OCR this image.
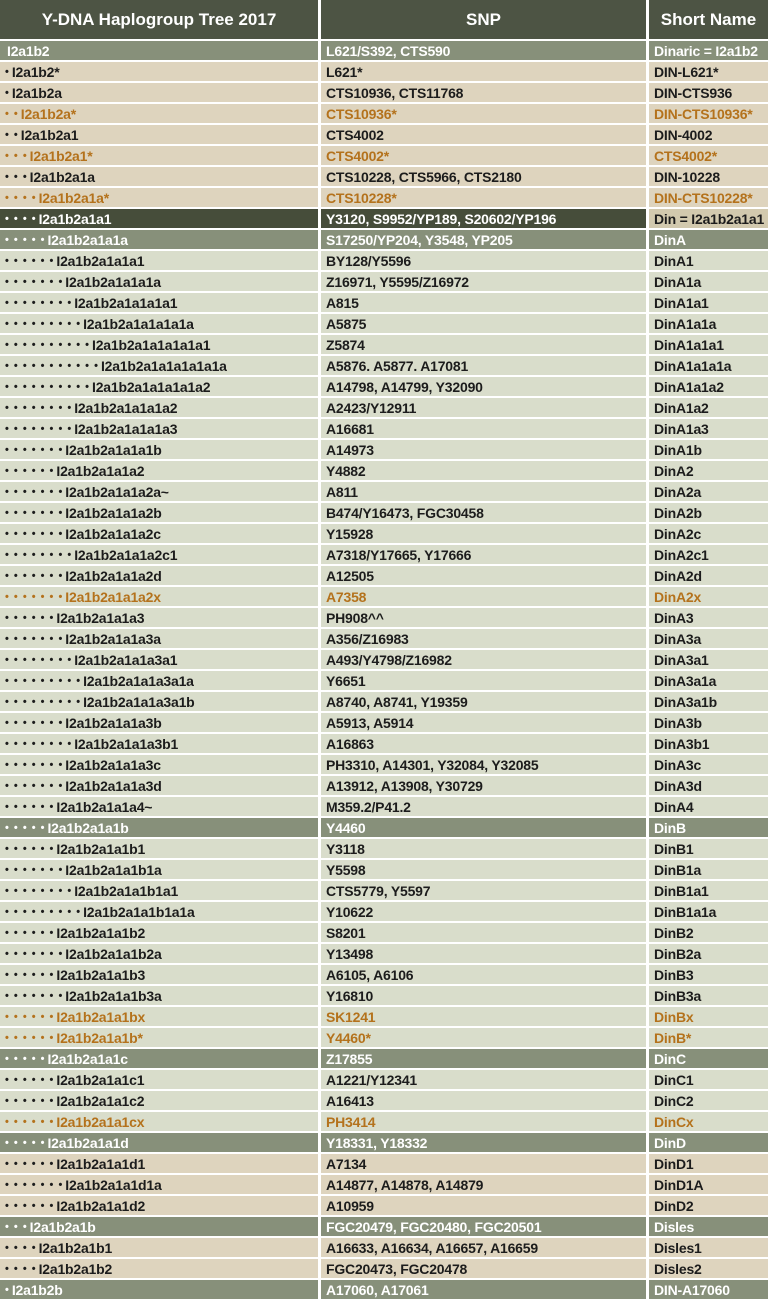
Y-DNA Haplogroup Tree 2017	SNP	Short Name
I2a1b2	L621/S392, CTS590	Dinaric = I2a1b2
• I2a1b2*	L621*	DIN-L621*
• I2a1b2a	CTS10936, CTS11768	DIN-CTS936
• • I2a1b2a*	CTS10936*	DIN-CTS10936*
• • I2a1b2a1	CTS4002	DIN-4002
• • • I2a1b2a1*	CTS4002*	CTS4002*
• • • I2a1b2a1a	CTS10228, CTS5966, CTS2180	DIN-10228
• • • • I2a1b2a1a*	CTS10228*	DIN-CTS10228*
• • • • I2a1b2a1a1	Y3120, S9952/YP189, S20602/YP196	Din = I2a1b2a1a1
• • • • • I2a1b2a1a1a	S17250/YP204, Y3548, YP205	DinA
• • • • • • I2a1b2a1a1a1	BY128/Y5596	DinA1
• • • • • • • I2a1b2a1a1a1a	Z16971, Y5595/Z16972	DinA1a
• • • • • • • • I2a1b2a1a1a1a1	A815	DinA1a1
• • • • • • • • • I2a1b2a1a1a1a1a	A5875	DinA1a1a
• • • • • • • • • • I2a1b2a1a1a1a1a1	Z5874	DinA1a1a1
• • • • • • • • • • • I2a1b2a1a1a1a1a1a	A5876. A5877. A17081	DinA1a1a1a
• • • • • • • • • • I2a1b2a1a1a1a1a2	A14798, A14799, Y32090	DinA1a1a2
• • • • • • • • I2a1b2a1a1a1a2	A2423/Y12911	DinA1a2
• • • • • • • • I2a1b2a1a1a1a3	A16681	DinA1a3
• • • • • • • I2a1b2a1a1a1b	A14973	DinA1b
• • • • • • I2a1b2a1a1a2	Y4882	DinA2
• • • • • • • I2a1b2a1a1a2a~	A811	DinA2a
• • • • • • • I2a1b2a1a1a2b	B474/Y16473, FGC30458	DinA2b
• • • • • • • I2a1b2a1a1a2c	Y15928	DinA2c
• • • • • • • • I2a1b2a1a1a2c1	A7318/Y17665, Y17666	DinA2c1
• • • • • • • I2a1b2a1a1a2d	A12505	DinA2d
• • • • • • • I2a1b2a1a1a2x	A7358	DinA2x
• • • • • • I2a1b2a1a1a3	PH908^^	DinA3
• • • • • • • I2a1b2a1a1a3a	A356/Z16983	DinA3a
• • • • • • • • I2a1b2a1a1a3a1	A493/Y4798/Z16982	DinA3a1
• • • • • • • • • I2a1b2a1a1a3a1a	Y6651	DinA3a1a
• • • • • • • • • I2a1b2a1a1a3a1b	A8740, A8741, Y19359	DinA3a1b
• • • • • • • I2a1b2a1a1a3b	A5913, A5914	DinA3b
• • • • • • • • I2a1b2a1a1a3b1	A16863	DinA3b1
• • • • • • • I2a1b2a1a1a3c	PH3310, A14301, Y32084, Y32085	DinA3c
• • • • • • • I2a1b2a1a1a3d	A13912, A13908, Y30729	DinA3d
• • • • • • I2a1b2a1a1a4~	M359.2/P41.2	DinA4
• • • • • I2a1b2a1a1b	Y4460	DinB
• • • • • • I2a1b2a1a1b1	Y3118	DinB1
• • • • • • • I2a1b2a1a1b1a	Y5598	DinB1a
• • • • • • • • I2a1b2a1a1b1a1	CTS5779, Y5597	DinB1a1
• • • • • • • • • I2a1b2a1a1b1a1a	Y10622	DinB1a1a
• • • • • • I2a1b2a1a1b2	S8201	DinB2
• • • • • • • I2a1b2a1a1b2a	Y13498	DinB2a
• • • • • • I2a1b2a1a1b3	A6105, A6106	DinB3
• • • • • • • I2a1b2a1a1b3a	Y16810	DinB3a
• • • • • • I2a1b2a1a1bx	SK1241	DinBx
• • • • • • I2a1b2a1a1b*	Y4460*	DinB*
• • • • • I2a1b2a1a1c	Z17855	DinC
• • • • • • I2a1b2a1a1c1	A1221/Y12341	DinC1
• • • • • • I2a1b2a1a1c2	A16413	DinC2
• • • • • • I2a1b2a1a1cx	PH3414	DinCx
• • • • • I2a1b2a1a1d	Y18331, Y18332	DinD
• • • • • • I2a1b2a1a1d1	A7134	DinD1
• • • • • • • I2a1b2a1a1d1a	A14877, A14878, A14879	DinD1A
• • • • • • I2a1b2a1a1d2	A10959	DinD2
• • • I2a1b2a1b	FGC20479, FGC20480, FGC20501	Disles
• • • • I2a1b2a1b1	A16633, A16634, A16657, A16659	Disles1
• • • • I2a1b2a1b2	FGC20473, FGC20478	Disles2
• I2a1b2b	A17060, A17061	DIN-A17060
